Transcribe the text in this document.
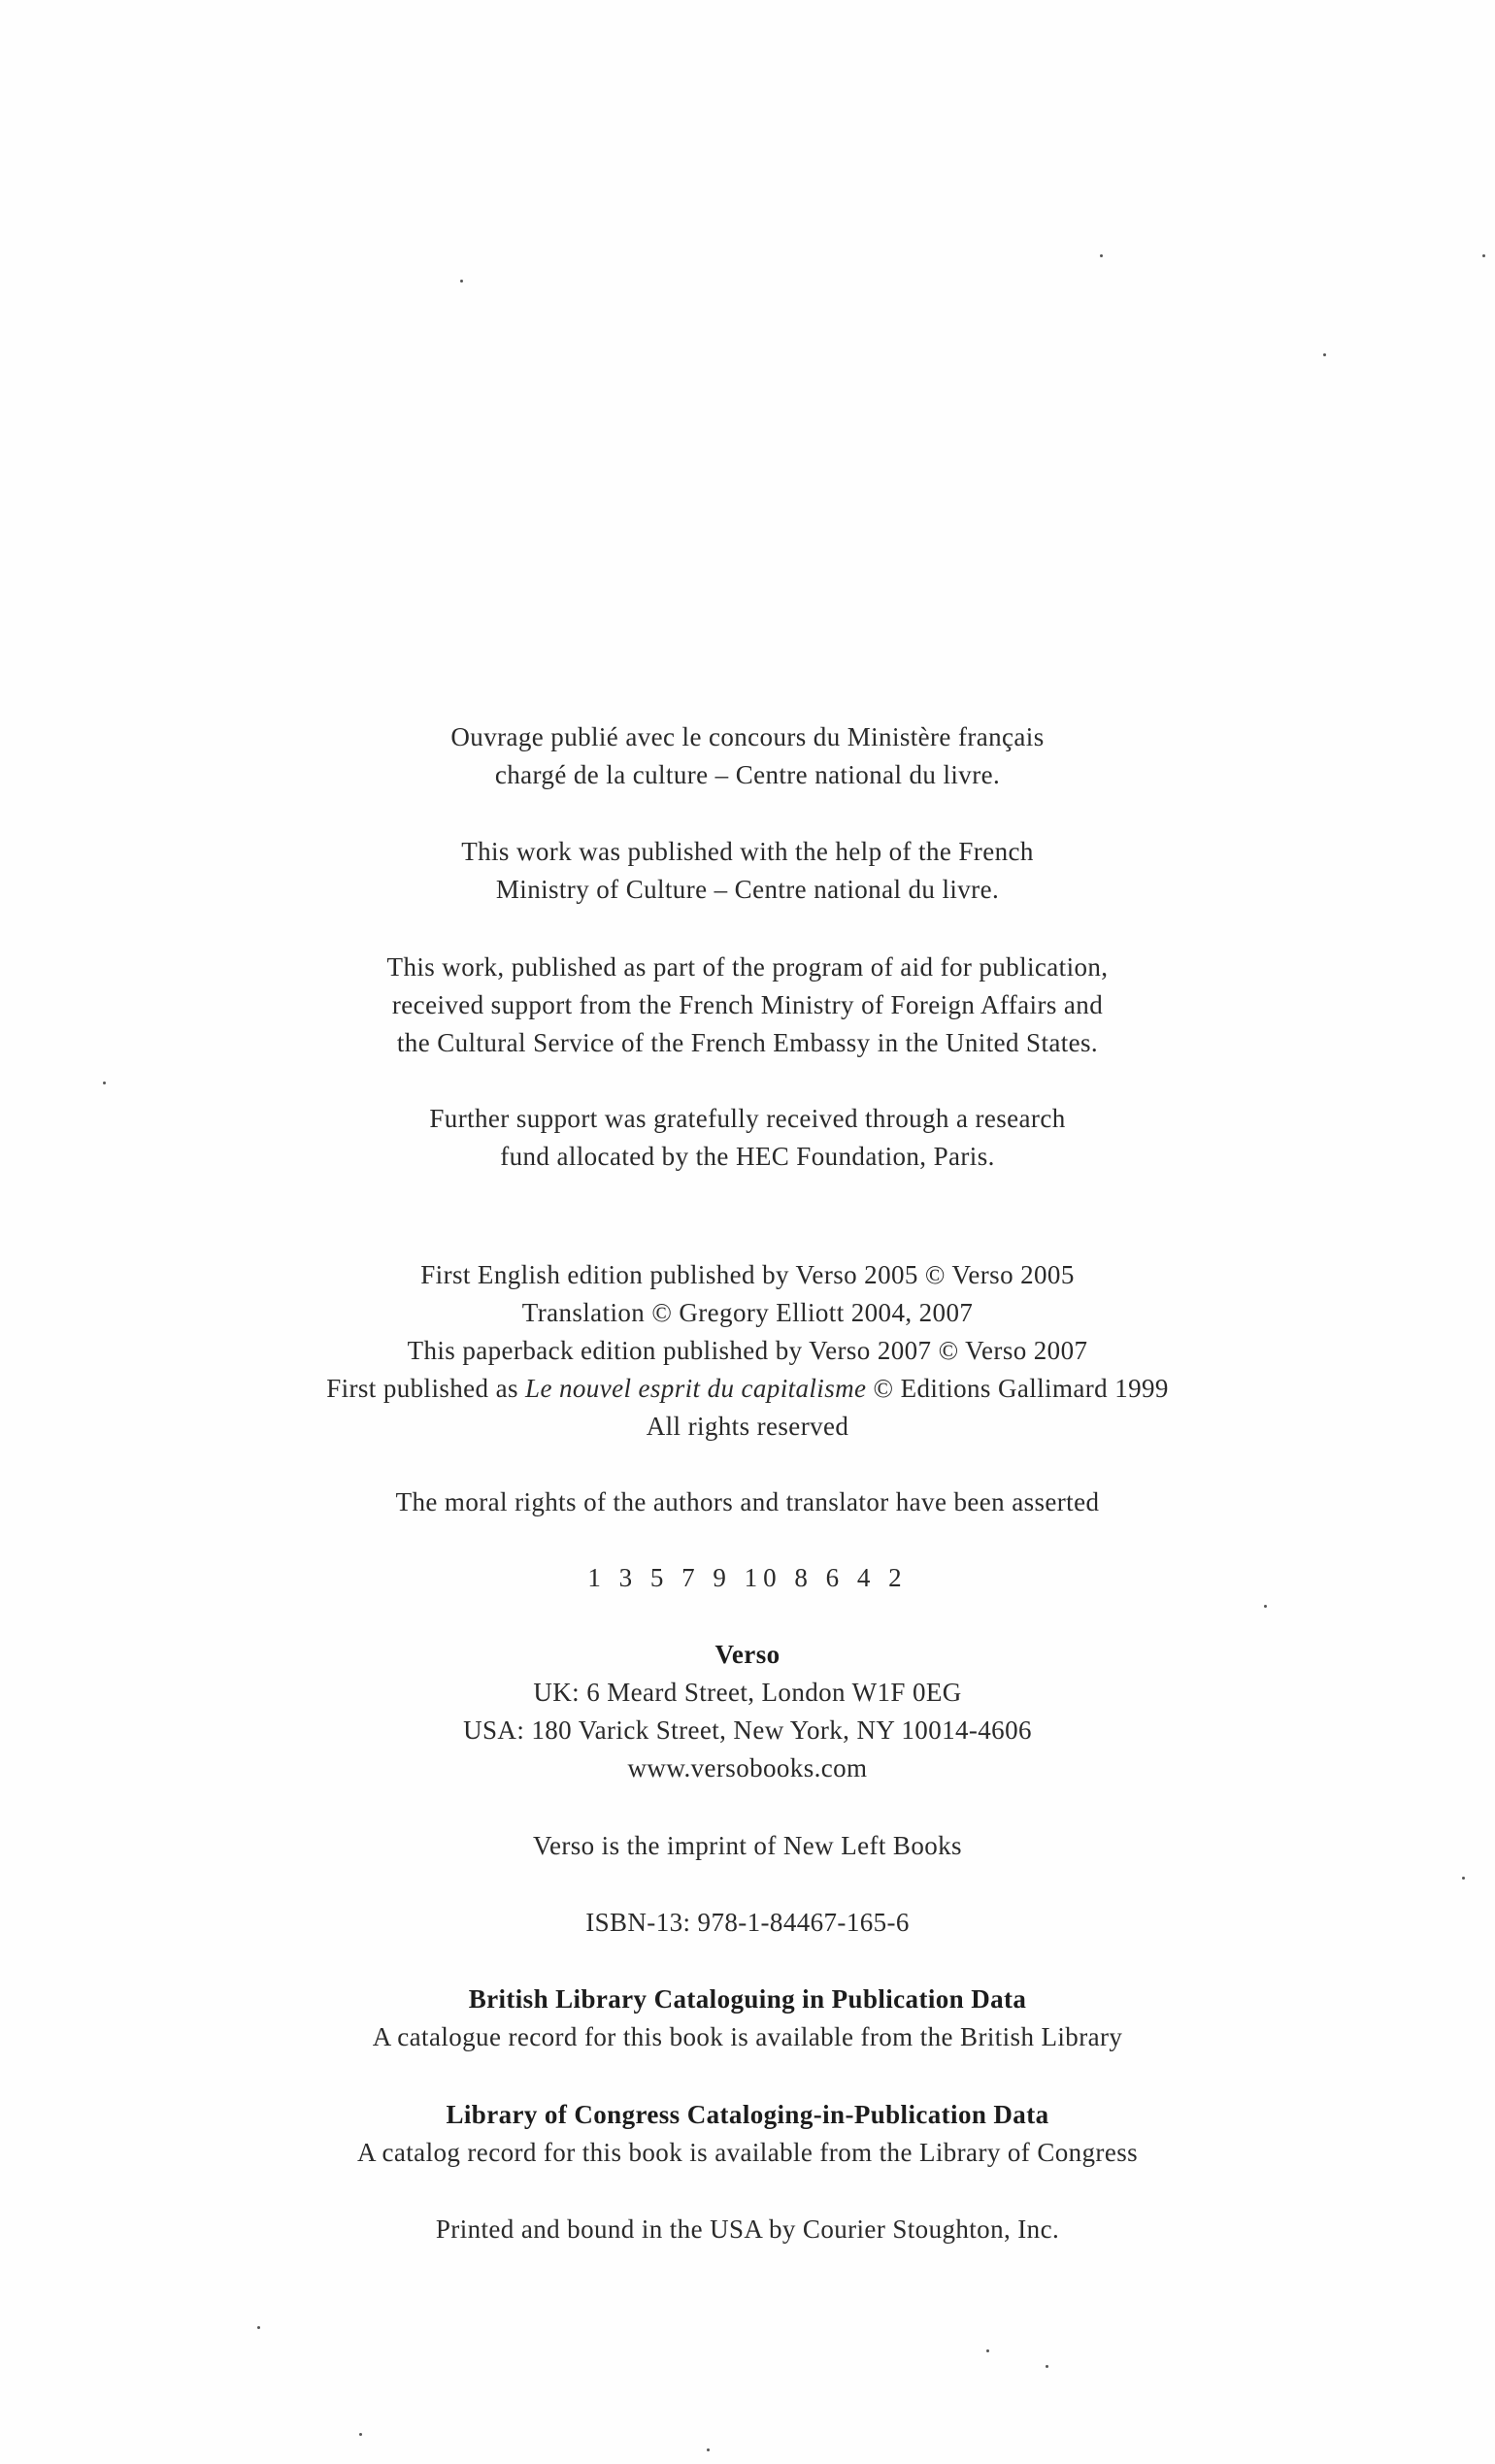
Ouvrage publié avec le concours du Ministère français
chargé de la culture – Centre national du livre.
This work was published with the help of the French
Ministry of Culture – Centre national du livre.
This work, published as part of the program of aid for publication,
received support from the French Ministry of Foreign Affairs and
the Cultural Service of the French Embassy in the United States.
Further support was gratefully received through a research
fund allocated by the HEC Foundation, Paris.
First English edition published by Verso 2005 © Verso 2005
Translation © Gregory Elliott 2004, 2007
This paperback edition published by Verso 2007 © Verso 2007
First published as Le nouvel esprit du capitalisme © Editions Gallimard 1999
All rights reserved
The moral rights of the authors and translator have been asserted
1 3 5 7 9 10 8 6 4 2
Verso
UK: 6 Meard Street, London W1F 0EG
USA: 180 Varick Street, New York, NY 10014-4606
www.versobooks.com
Verso is the imprint of New Left Books
ISBN-13: 978-1-84467-165-6
British Library Cataloguing in Publication Data
A catalogue record for this book is available from the British Library
Library of Congress Cataloging-in-Publication Data
A catalog record for this book is available from the Library of Congress
Printed and bound in the USA by Courier Stoughton, Inc.
